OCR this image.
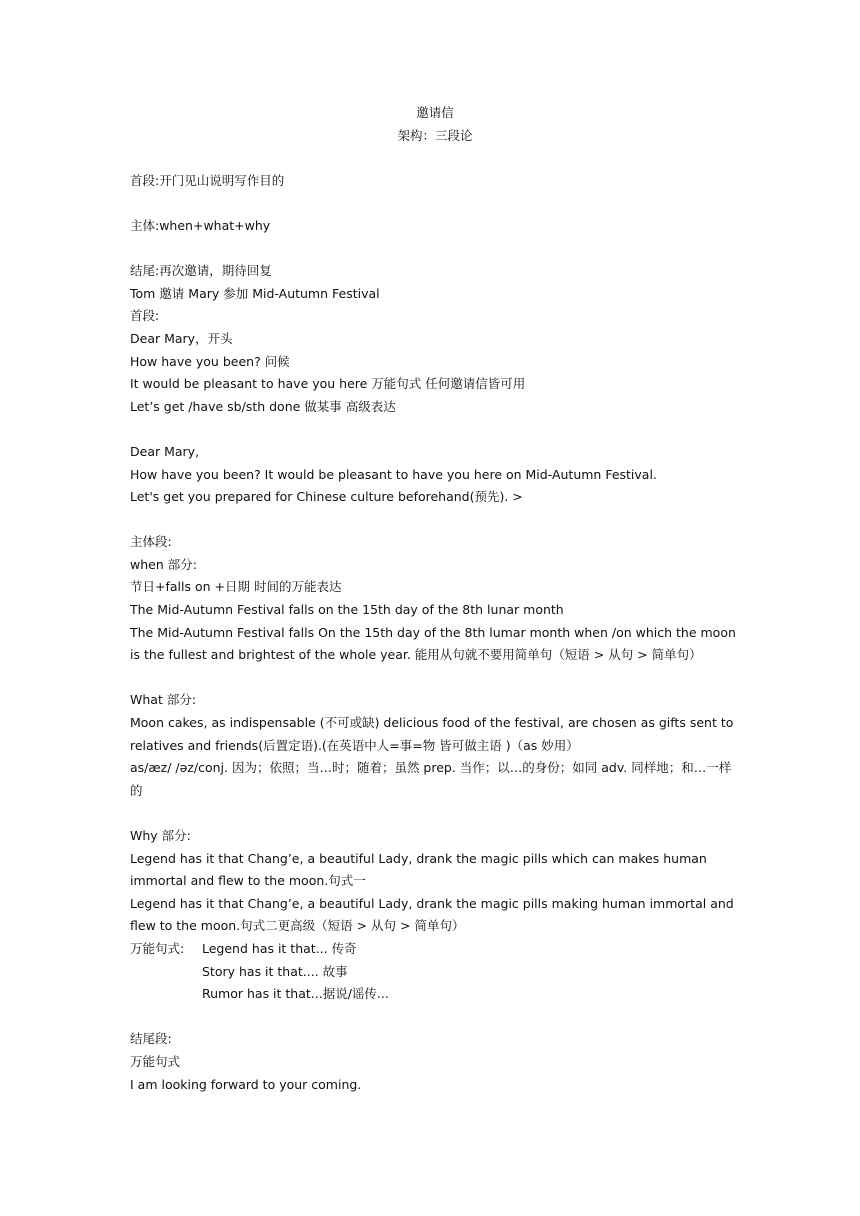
邀请信
架构：三段论
首段:开门见山说明写作目的
主体:when+what+why
结尾:再次邀请，期待回复
Tom 邀请 Mary 参加 Mid-Autumn Festival
首段:
Dear Mary，开头
How have you been? 问候
It would be pleasant to have you here 万能句式 任何邀请信皆可用
Let’s get /have sb/sth done 做某事 高级表达
Dear Mary,
How have you been? It would be pleasant to have you here on Mid-Autumn Festival.
Let's get you prepared for Chinese culture beforehand(预先). >
主体段:
when 部分:
节日+falls on +日期 时间的万能表达
The Mid-Autumn Festival falls on the 15th day of the 8th lunar month
The Mid-Autumn Festival falls On the 15th day of the 8th lumar month when /on which the moon is the fullest and brightest of the whole year. 能用从句就不要用简单句（短语 > 从句 > 简单句）
What 部分:
Moon cakes, as indispensable (不可或缺) delicious food of the festival, are chosen as gifts sent to relatives and friends(后置定语).(在英语中人=事=物 皆可做主语 )（as 妙用）
as/æz/ /əz/conj. 因为；依照；当…时；随着；虽然 prep. 当作；以…的身份；如同 adv. 同样地；和…一样的
Why 部分:
Legend has it that Chang’e, a beautiful Lady, drank the magic pills which can makes human immortal and flew to the moon.句式一
Legend has it that Chang’e, a beautiful Lady, drank the magic pills making human immortal and flew to the moon.句式二更高级（短语 > 从句 > 简单句）
万能句式:	Legend has it that... 传奇
Story has it that.... 故事
Rumor has it that...据说/谣传...
结尾段:
万能句式
I am looking forward to your coming.
